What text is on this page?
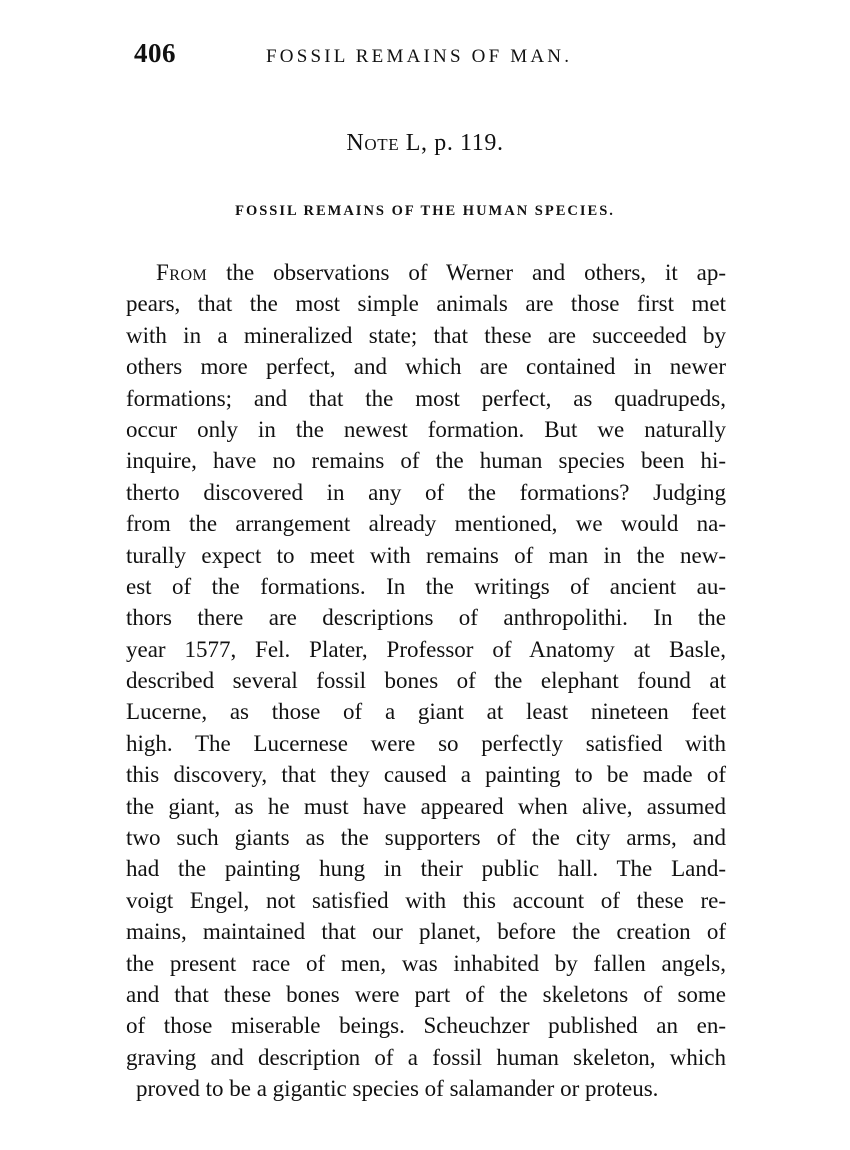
406	FOSSIL REMAINS OF MAN.
Note L, p. 119.
FOSSIL REMAINS OF THE HUMAN SPECIES.
From the observations of Werner and others, it ap-
pears, that the most simple animals are those first met
with in a mineralized state; that these are succeeded by
others more perfect, and which are contained in newer
formations; and that the most perfect, as quadrupeds,
occur only in the newest formation. But we naturally
inquire, have no remains of the human species been hi-
therto discovered in any of the formations? Judging
from the arrangement already mentioned, we would na-
turally expect to meet with remains of man in the new-
est of the formations. In the writings of ancient au-
thors there are descriptions of anthropolithi. In the
year 1577, Fel. Plater, Professor of Anatomy at Basle,
described several fossil bones of the elephant found at
Lucerne, as those of a giant at least nineteen feet
high. The Lucernese were so perfectly satisfied with
this discovery, that they caused a painting to be made of
the giant, as he must have appeared when alive, assumed
two such giants as the supporters of the city arms, and
had the painting hung in their public hall. The Land-
voigt Engel, not satisfied with this account of these re-
mains, maintained that our planet, before the creation of
the present race of men, was inhabited by fallen angels,
and that these bones were part of the skeletons of some
of those miserable beings. Scheuchzer published an en-
graving and description of a fossil human skeleton, which
proved to be a gigantic species of salamander or proteus.
